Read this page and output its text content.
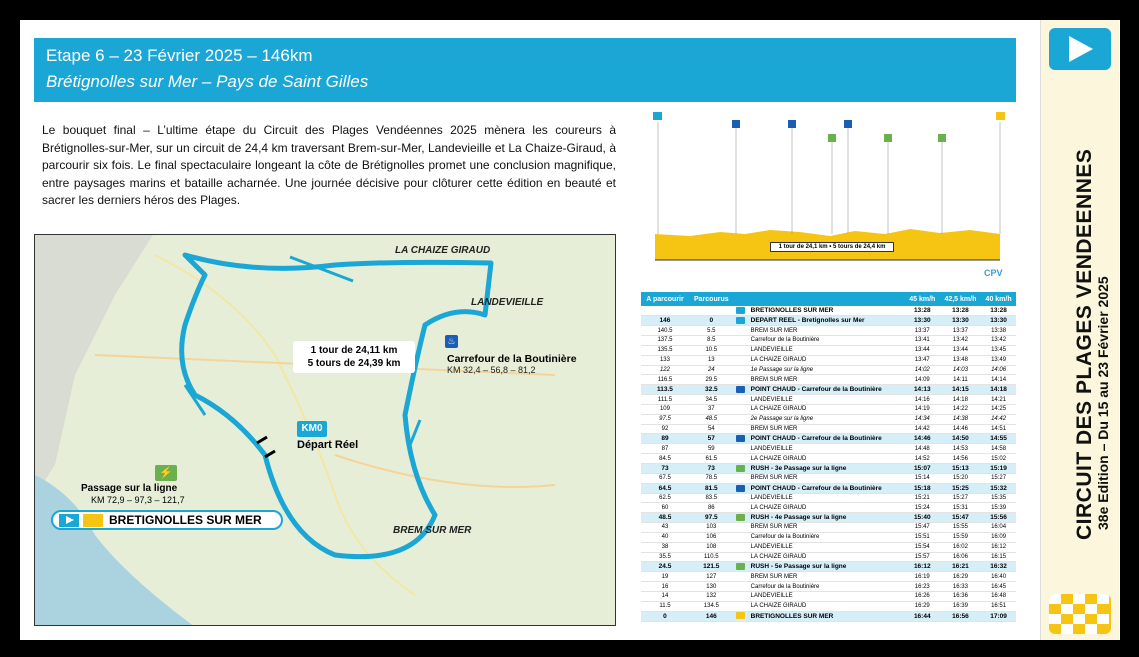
Etape 6 – 23 Février 2025 – 146km
Brétignolles sur Mer – Pays de Saint Gilles
Le bouquet final – L’ultime étape du Circuit des Plages Vendéennes 2025 mènera les coureurs à Brétignolles-sur-Mer, sur un circuit de 24,4 km traversant Brem-sur-Mer, Landevieille et La Chaize-Giraud, à parcourir six fois. Le final spectaculaire longeant la côte de Brétignolles promet une conclusion magnifique, entre paysages marins et bataille acharnée. Une journée décisive pour clôturer cette édition en beauté et sacrer les derniers héros des Plages.
LA CHAIZE GIRAUD
LANDEVIEILLE
BREM SUR MER
1 tour de 24,11 km
5 tours de 24,39 km
♨
Carrefour de la Boutinière
KM 32,4 – 56,8 – 81,2
KM0
Départ Réel
⚡
Passage sur la ligne
KM 72,9 – 97,3 – 121,7
BRETIGNOLLES SUR MER
1 tour de 24,1 km • 5 tours de 24,4 km
CPV
A parcourir	Parcourus			45 km/h	42,5 km/h	40 km/h
			BRETIGNOLLES SUR MER	13:28	13:28	13:28
146	0		DEPART REEL - Bretignolles sur Mer	13:30	13:30	13:30
140.5	5.5		BREM SUR MER	13:37	13:37	13:38
137.5	8.5		Carrefour de la Boutinière	13:41	13:42	13:42
135.5	10.5		LANDEVIEILLE	13:44	13:44	13:45
133	13		LA CHAIZE GIRAUD	13:47	13:48	13:49
122	24		1e Passage sur la ligne	14:02	14:03	14:06
116.5	29.5		BREM SUR MER	14:09	14:11	14:14
113.5	32.5		POINT CHAUD - Carrefour de la Boutinière	14:13	14:15	14:18
111.5	34.5		LANDEVIEILLE	14:16	14:18	14:21
109	37		LA CHAIZE GIRAUD	14:19	14:22	14:25
97.5	48.5		2e Passage sur la ligne	14:34	14:38	14:42
92	54		BREM SUR MER	14:42	14:46	14:51
89	57		POINT CHAUD - Carrefour de la Boutinière	14:46	14:50	14:55
87	59		LANDEVIEILLE	14:48	14:53	14:58
84.5	61.5		LA CHAIZE GIRAUD	14:52	14:56	15:02
73	73		RUSH - 3e Passage sur la ligne	15:07	15:13	15:19
67.5	78.5		BREM SUR MER	15:14	15:20	15:27
64.5	81.5		POINT CHAUD - Carrefour de la Boutinière	15:18	15:25	15:32
62.5	83.5		LANDEVIEILLE	15:21	15:27	15:35
60	86		LA CHAIZE GIRAUD	15:24	15:31	15:39
48.5	97.5		RUSH - 4e Passage sur la ligne	15:40	15:47	15:56
43	103		BREM SUR MER	15:47	15:55	16:04
40	106		Carrefour de la Boutinière	15:51	15:59	16:09
38	108		LANDEVIEILLE	15:54	16:02	16:12
35.5	110.5		LA CHAIZE GIRAUD	15:57	16:06	16:15
24.5	121.5		RUSH - 5e Passage sur la ligne	16:12	16:21	16:32
19	127		BREM SUR MER	16:19	16:29	16:40
16	130		Carrefour de la Boutinière	16:23	16:33	16:45
14	132		LANDEVIEILLE	16:26	16:36	16:48
11.5	134.5		LA CHAIZE GIRAUD	16:29	16:39	16:51
0	146		BRETIGNOLLES SUR MER	16:44	16:56	17:09
CIRCUIT DES PLAGES VENDEENNES 38e Edition – Du 15 au 23 Février 2025
